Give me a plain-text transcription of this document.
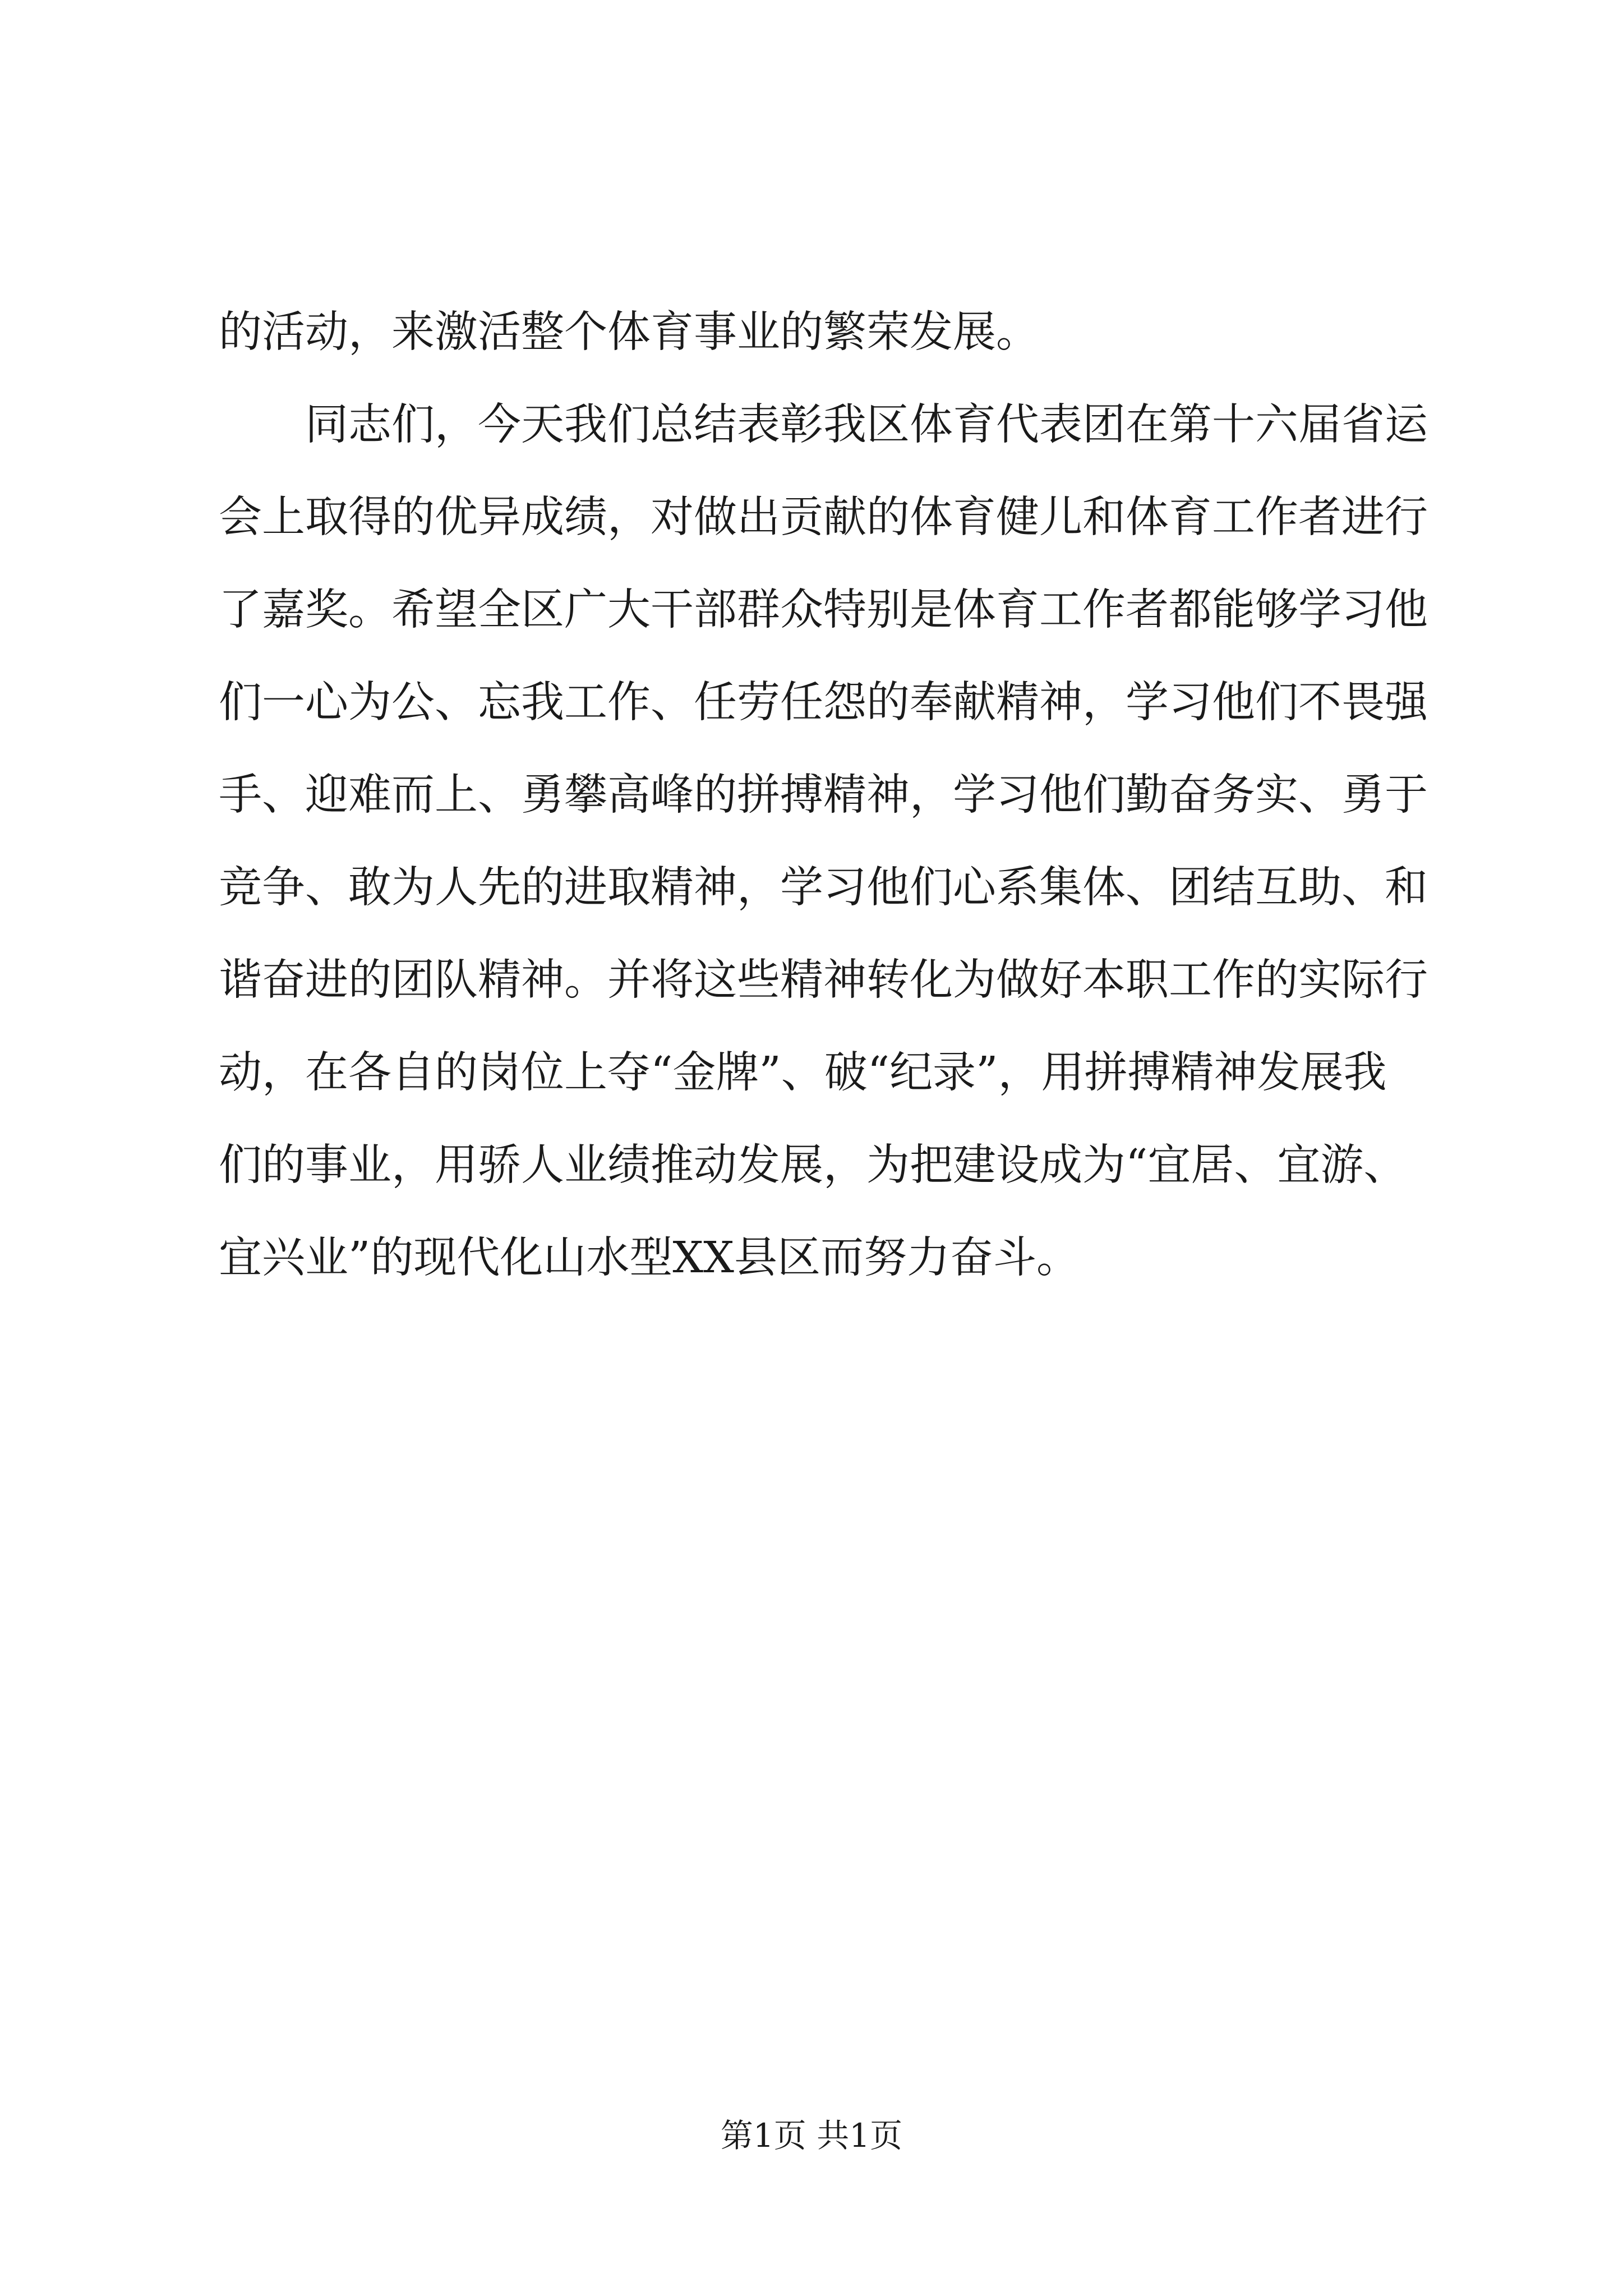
的活动，来激活整个体育事业的繁荣发展。
　　同志们，今天我们总结表彰我区体育代表团在第十六届省运
会上取得的优异成绩，对做出贡献的体育健儿和体育工作者进行
了嘉奖。希望全区广大干部群众特别是体育工作者都能够学习他
们一心为公、忘我工作、任劳任怨的奉献精神，学习他们不畏强
手、迎难而上、勇攀高峰的拼搏精神，学习他们勤奋务实、勇于
竞争、敢为人先的进取精神，学习他们心系集体、团结互助、和
谐奋进的团队精神。并将这些精神转化为做好本职工作的实际行
动，在各自的岗位上夺“金牌”、破“纪录”，用拼搏精神发展我
们的事业，用骄人业绩推动发展，为把建设成为“宜居、宜游、
宜兴业”的现代化山水型XX县区而努力奋斗。
第1页 共1页
